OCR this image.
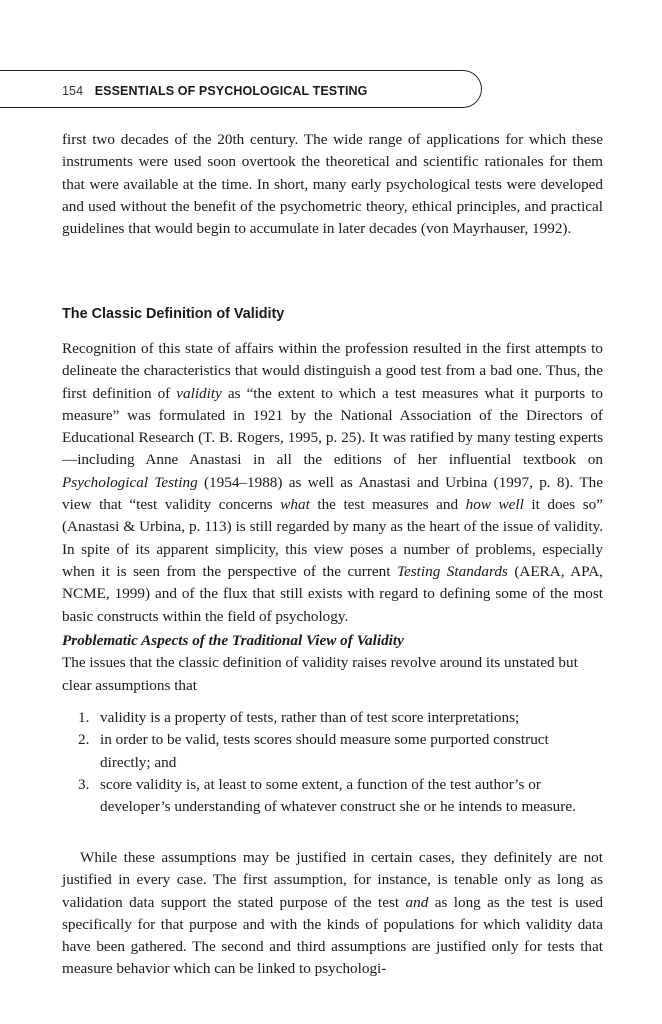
154 ESSENTIALS OF PSYCHOLOGICAL TESTING

first two decades of the 20th century. The wide range of applications for which these instruments were used soon overtook the theoretical and scientific rationales for them that were available at the time. In short, many early psychological tests were developed and used without the benefit of the psychometric theory, ethical principles, and practical guidelines that would begin to accumulate in later decades (von Mayrhauser, 1992).

The Classic Definition of Validity

Recognition of this state of affairs within the profession resulted in the first attempts to delineate the characteristics that would distinguish a good test from a bad one. Thus, the first definition of validity as “the extent to which a test measures what it purports to measure” was formulated in 1921 by the National Association of the Directors of Educational Research (T. B. Rogers, 1995, p. 25). It was ratified by many testing experts—including Anne Anastasi in all the editions of her influential textbook on Psychological Testing (1954–1988) as well as Anastasi and Urbina (1997, p. 8). The view that “test validity concerns what the test measures and how well it does so” (Anastasi & Urbina, p. 113) is still regarded by many as the heart of the issue of validity. In spite of its apparent simplicity, this view poses a number of problems, especially when it is seen from the perspective of the current Testing Standards (AERA, APA, NCME, 1999) and of the flux that still exists with regard to defining some of the most basic constructs within the field of psychology.

Problematic Aspects of the Traditional View of Validity

The issues that the classic definition of validity raises revolve around its unstated but clear assumptions that

1. validity is a property of tests, rather than of test score interpretations;

2. in order to be valid, tests scores should measure some purported construct directly; and

3. score validity is, at least to some extent, a function of the test author’s or developer’s understanding of whatever construct she or he intends to measure.

While these assumptions may be justified in certain cases, they definitely are not justified in every case. The first assumption, for instance, is tenable only as long as validation data support the stated purpose of the test and as long as the test is used specifically for that purpose and with the kinds of populations for which validity data have been gathered. The second and third assumptions are justified only for tests that measure behavior which can be linked to psychologi-
